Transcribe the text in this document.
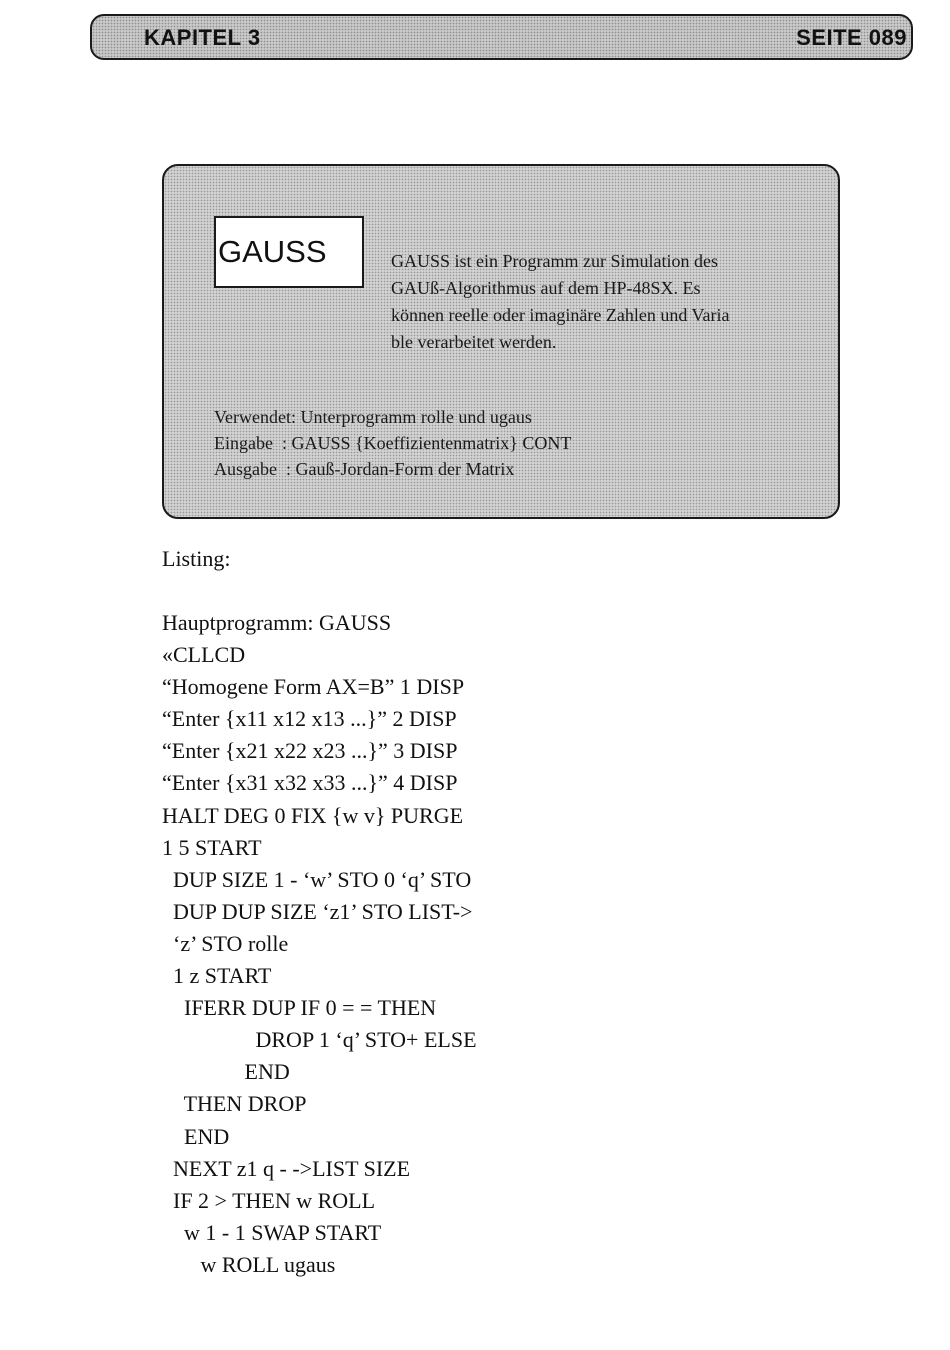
KAPITEL 3	SEITE 089
GAUSS	GAUSS ist ein Programm zur Simulation des
GAUß-Algorithmus auf dem HP-48SX. Es
können reelle oder imaginäre Zahlen und Varia
ble verarbeitet werden.
Verwendet: Unterprogramm rolle und ugaus
Eingabe  : GAUSS {Koeffizientenmatrix} CONT
Ausgabe  : Gauß-Jordan-Form der Matrix
Listing:
Hauptprogramm: GAUSS
«CLLCD
“Homogene Form AX=B” 1 DISP
“Enter {x11 x12 x13 ...}” 2 DISP
“Enter {x21 x22 x23 ...}” 3 DISP
“Enter {x31 x32 x33 ...}” 4 DISP
HALT DEG 0 FIX {w v} PURGE
1 5 START
DUP SIZE 1 - ‘w’ STO 0 ‘q’ STO
DUP DUP SIZE ‘z1’ STO LIST->
‘z’ STO rolle
1 z START
IFERR DUP IF 0 = = THEN
DROP 1 ‘q’ STO+ ELSE
END
THEN DROP
END
NEXT z1 q - ->LIST SIZE
IF 2 > THEN w ROLL
w 1 - 1 SWAP START
w ROLL ugaus
